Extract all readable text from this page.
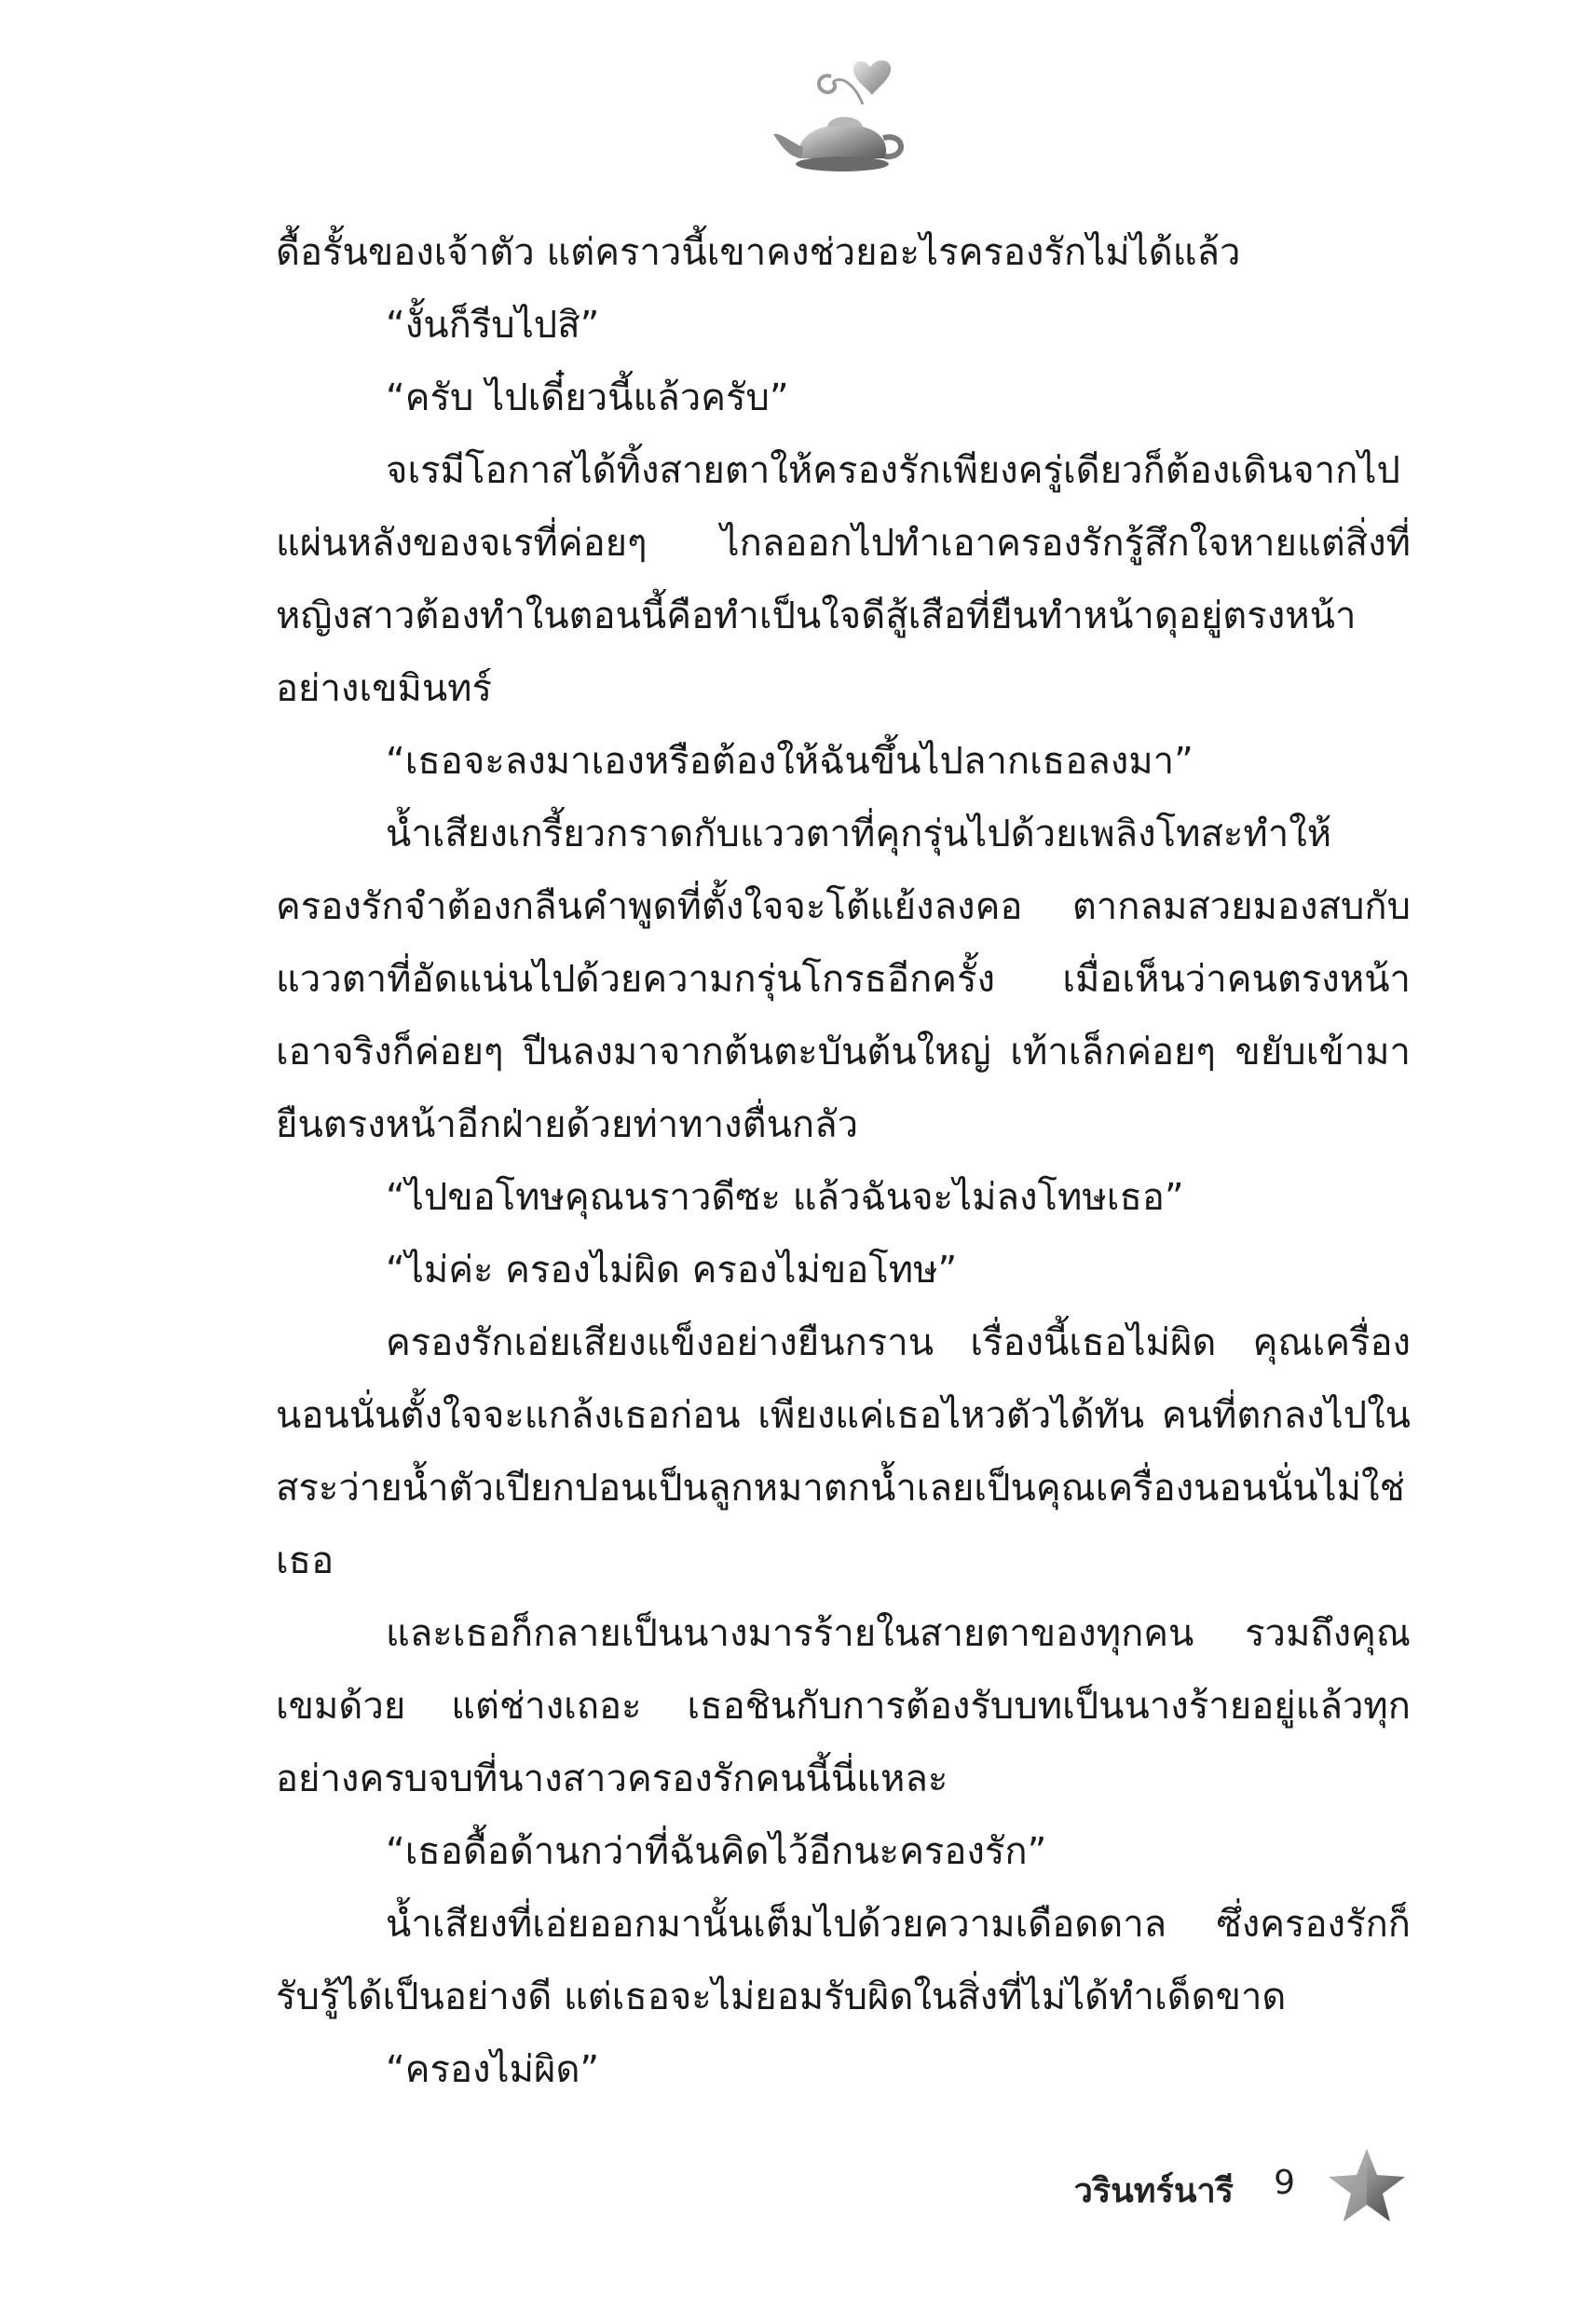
ดื้อรั้นของเจ้าตัว แต่คราวนี้เขาคงช่วยอะไรครองรักไม่ได้แล้ว

“งั้นก็รีบไปสิ”

“ครับ ไปเดี๋ยวนี้แล้วครับ”

จเรมีโอกาสได้ทิ้งสายตาให้ครองรักเพียงครู่เดียวก็ต้องเดินจากไป แผ่นหลังของจเรที่ค่อยๆ ไกลออกไปทำเอาครองรักรู้สึกใจหายแต่สิ่งที่หญิงสาวต้องทำในตอนนี้คือทำเป็นใจดีสู้เสือที่ยืนทำหน้าดุอยู่ตรงหน้าอย่างเขมินทร์

“เธอจะลงมาเองหรือต้องให้ฉันขึ้นไปลากเธอลงมา”

น้ำเสียงเกรี้ยวกราดกับแววตาที่คุกรุ่นไปด้วยเพลิงโทสะทำให้ครองรักจำต้องกลืนคำพูดที่ตั้งใจจะโต้แย้งลงคอ ตากลมสวยมองสบกับแววตาที่อัดแน่นไปด้วยความกรุ่นโกรธอีกครั้ง เมื่อเห็นว่าคนตรงหน้าเอาจริงก็ค่อยๆ ปีนลงมาจากต้นตะบันต้นใหญ่ เท้าเล็กค่อยๆ ขยับเข้ามายืนตรงหน้าอีกฝ่ายด้วยท่าทางตื่นกลัว

“ไปขอโทษคุณนราวดีซะ แล้วฉันจะไม่ลงโทษเธอ”

“ไม่ค่ะ ครองไม่ผิด ครองไม่ขอโทษ”

ครองรักเอ่ยเสียงแข็งอย่างยืนกราน เรื่องนี้เธอไม่ผิด คุณเครื่องนอนนั่นตั้งใจจะแกล้งเธอก่อน เพียงแค่เธอไหวตัวได้ทัน คนที่ตกลงไปในสระว่ายน้ำตัวเปียกปอนเป็นลูกหมาตกน้ำเลยเป็นคุณเครื่องนอนนั่นไม่ใช่เธอ

และเธอก็กลายเป็นนางมารร้ายในสายตาของทุกคน รวมถึงคุณเขมด้วย แต่ช่างเถอะ เธอชินกับการต้องรับบทเป็นนางร้ายอยู่แล้วทุกอย่างครบจบที่นางสาวครองรักคนนี้นี่แหละ

“เธอดื้อด้านกว่าที่ฉันคิดไว้อีกนะครองรัก”

น้ำเสียงที่เอ่ยออกมานั้นเต็มไปด้วยความเดือดดาล ซึ่งครองรักก็รับรู้ได้เป็นอย่างดี แต่เธอจะไม่ยอมรับผิดในสิ่งที่ไม่ได้ทำเด็ดขาด

“ครองไม่ผิด”

วรินทร์นารี 9
